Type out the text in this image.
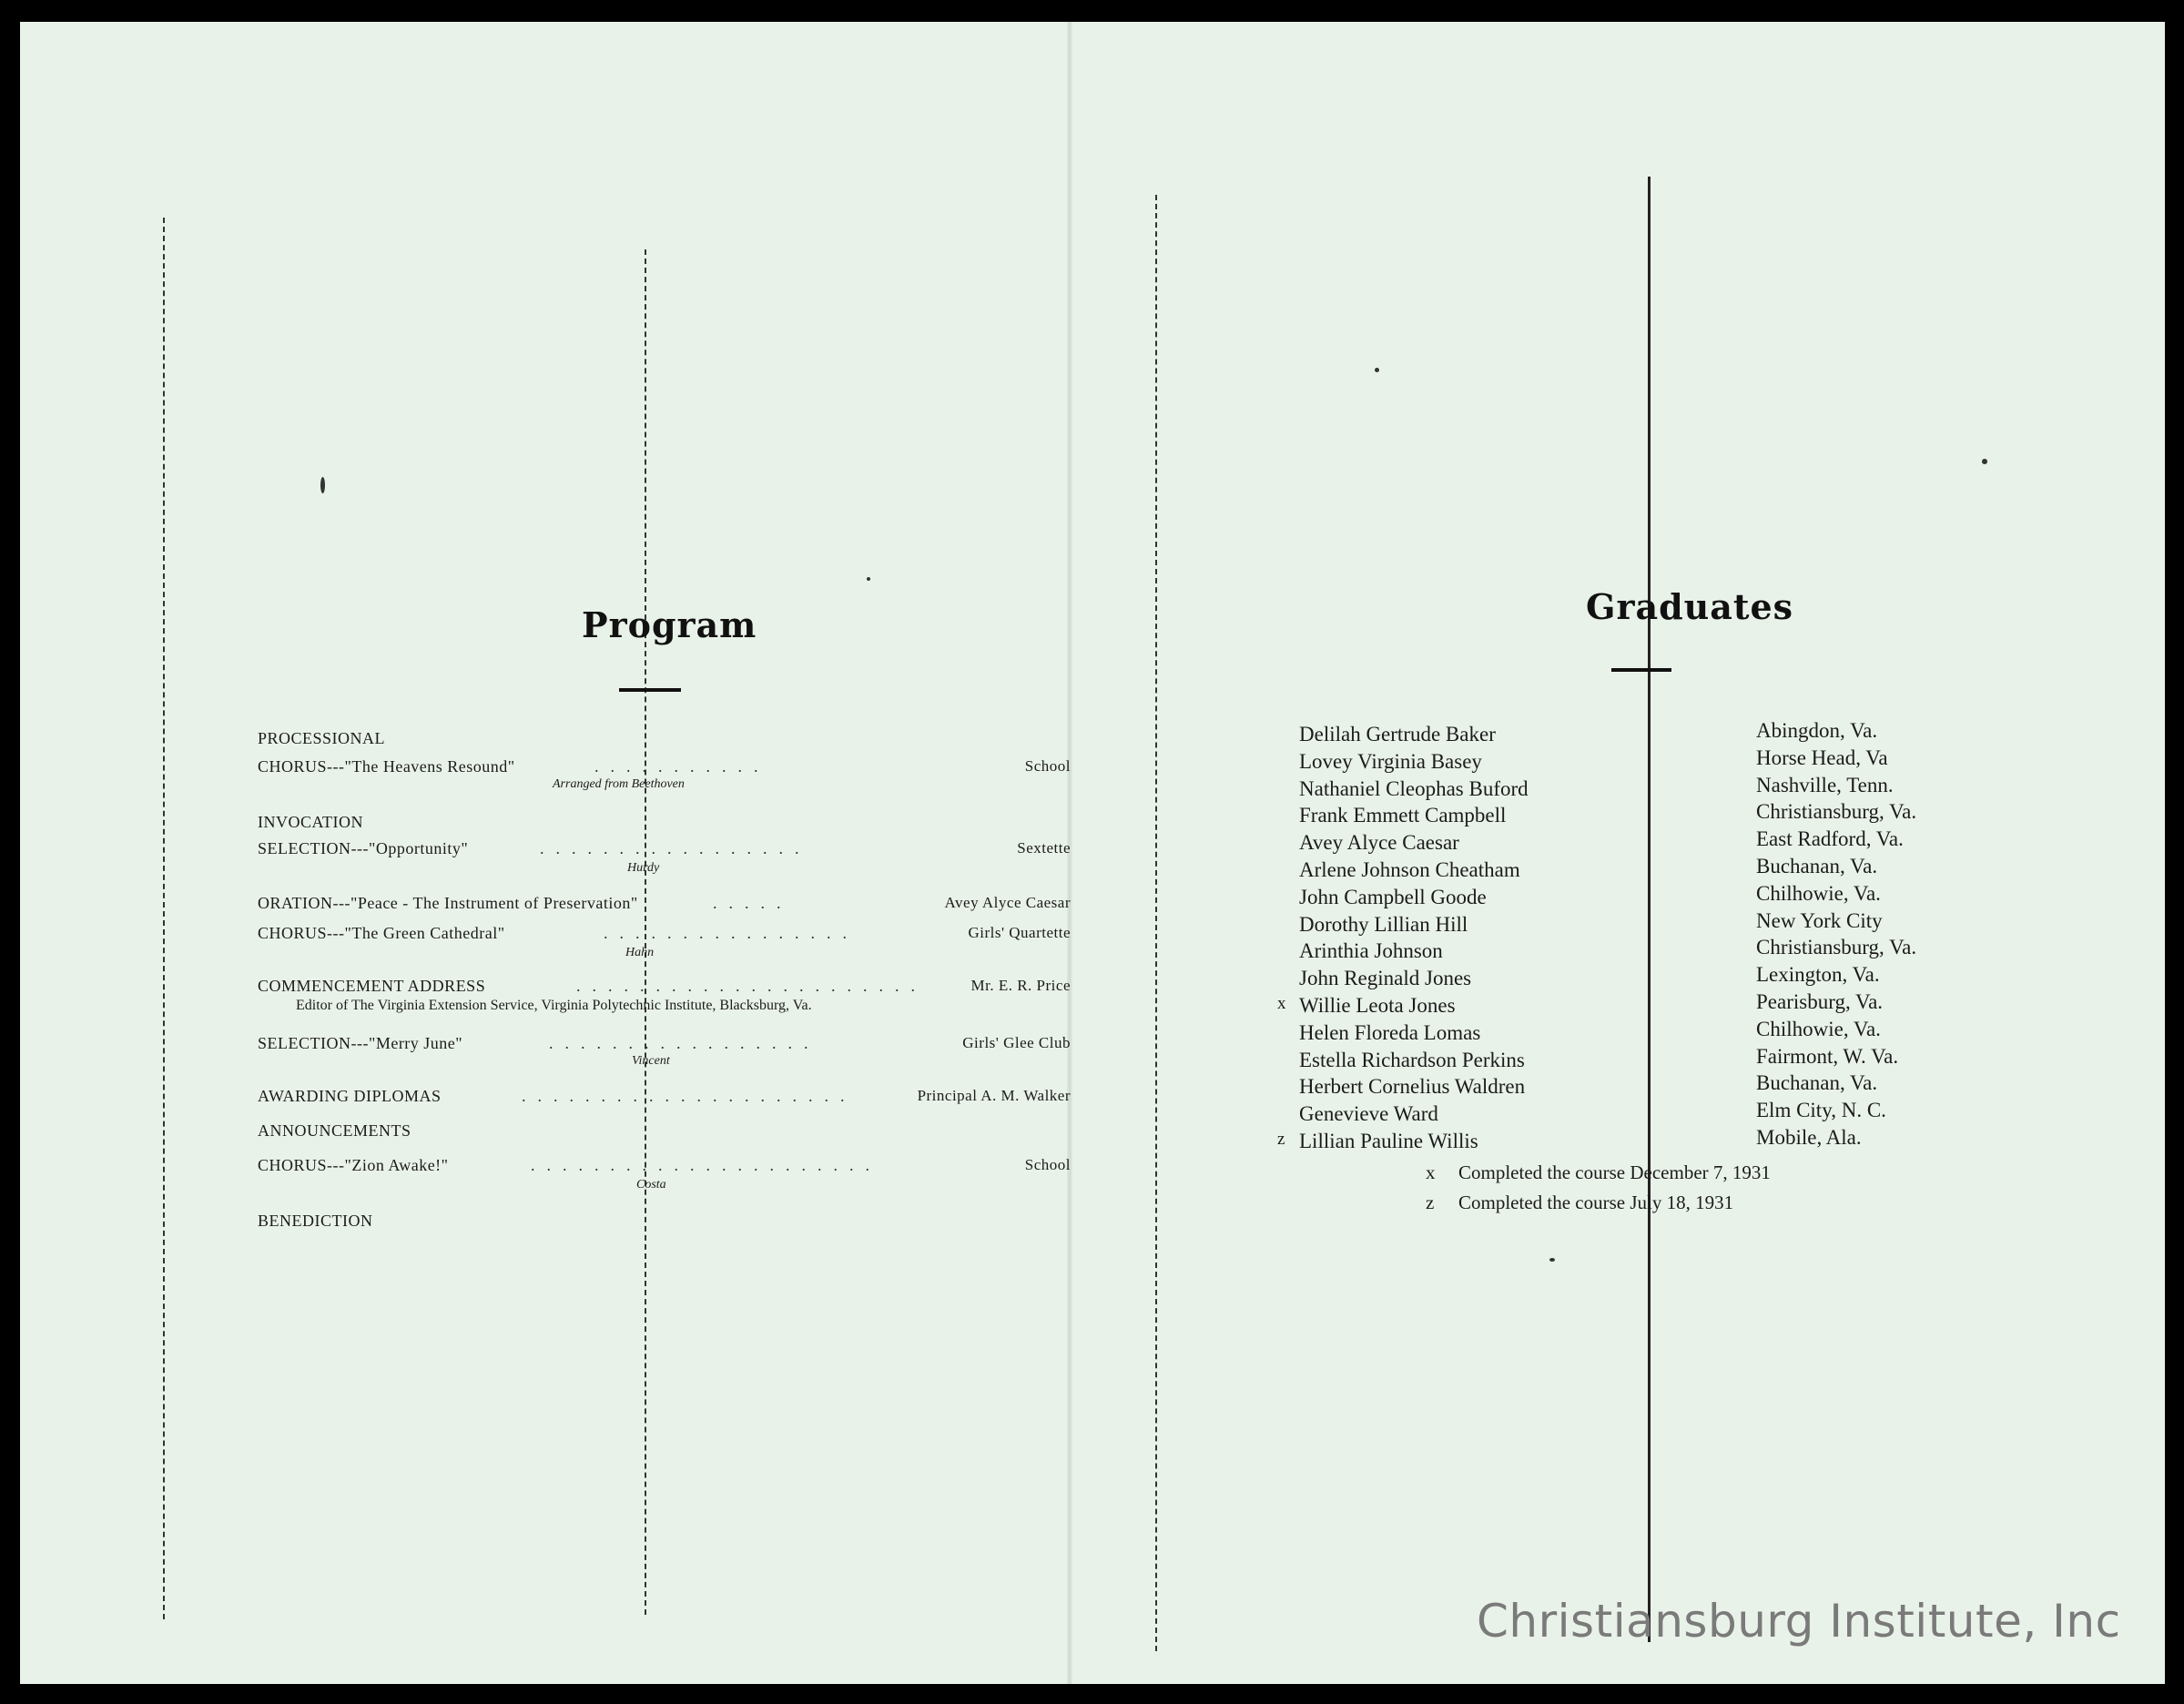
Program
PROCESSIONAL
CHORUS---"The Heavens Resound"	...........	School
Arranged from Beethoven
INVOCATION
SELECTION---"Opportunity"	.................	Sextette
Hurdy
ORATION---"Peace - The Instrument of Preservation"	.....	Avey Alyce Caesar
CHORUS---"The Green Cathedral"	................	Girls' Quartette
Hahn
COMMENCEMENT ADDRESS	......................	Mr. E. R. Price
SELECTION---"Merry June"	.................	Girls' Glee Club
Vincent
AWARDING DIPLOMAS	.....................	Principal A. M. Walker
ANNOUNCEMENTS
CHORUS---"Zion Awake!"	......................	School
Costa
BENEDICTION
Editor of The Virginia Extension Service, Virginia Polytechnic Institute, Blacksburg, Va.
Graduates
Delilah Gertrude Baker	Abingdon, Va.
Lovey Virginia Basey	Horse Head, Va
Nathaniel Cleophas Buford	Nashville, Tenn.
Frank Emmett Campbell	Christiansburg, Va.
Avey Alyce Caesar	East Radford, Va.
Arlene Johnson Cheatham	Buchanan, Va.
John Campbell Goode	Chilhowie, Va.
Dorothy Lillian Hill	New York City
Arinthia Johnson	Christiansburg, Va.
John Reginald Jones	Lexington, Va.
x Willie Leota Jones	Pearisburg, Va.
Helen Floreda Lomas	Chilhowie, Va.
Estella Richardson Perkins	Fairmont, W. Va.
Herbert Cornelius Waldren	Buchanan, Va.
Genevieve Ward	Elm City, N. C.
z Lillian Pauline Willis	Mobile, Ala.
x Completed the course December 7, 1931
z Completed the course July 18, 1931
Christiansburg Institute, Inc
